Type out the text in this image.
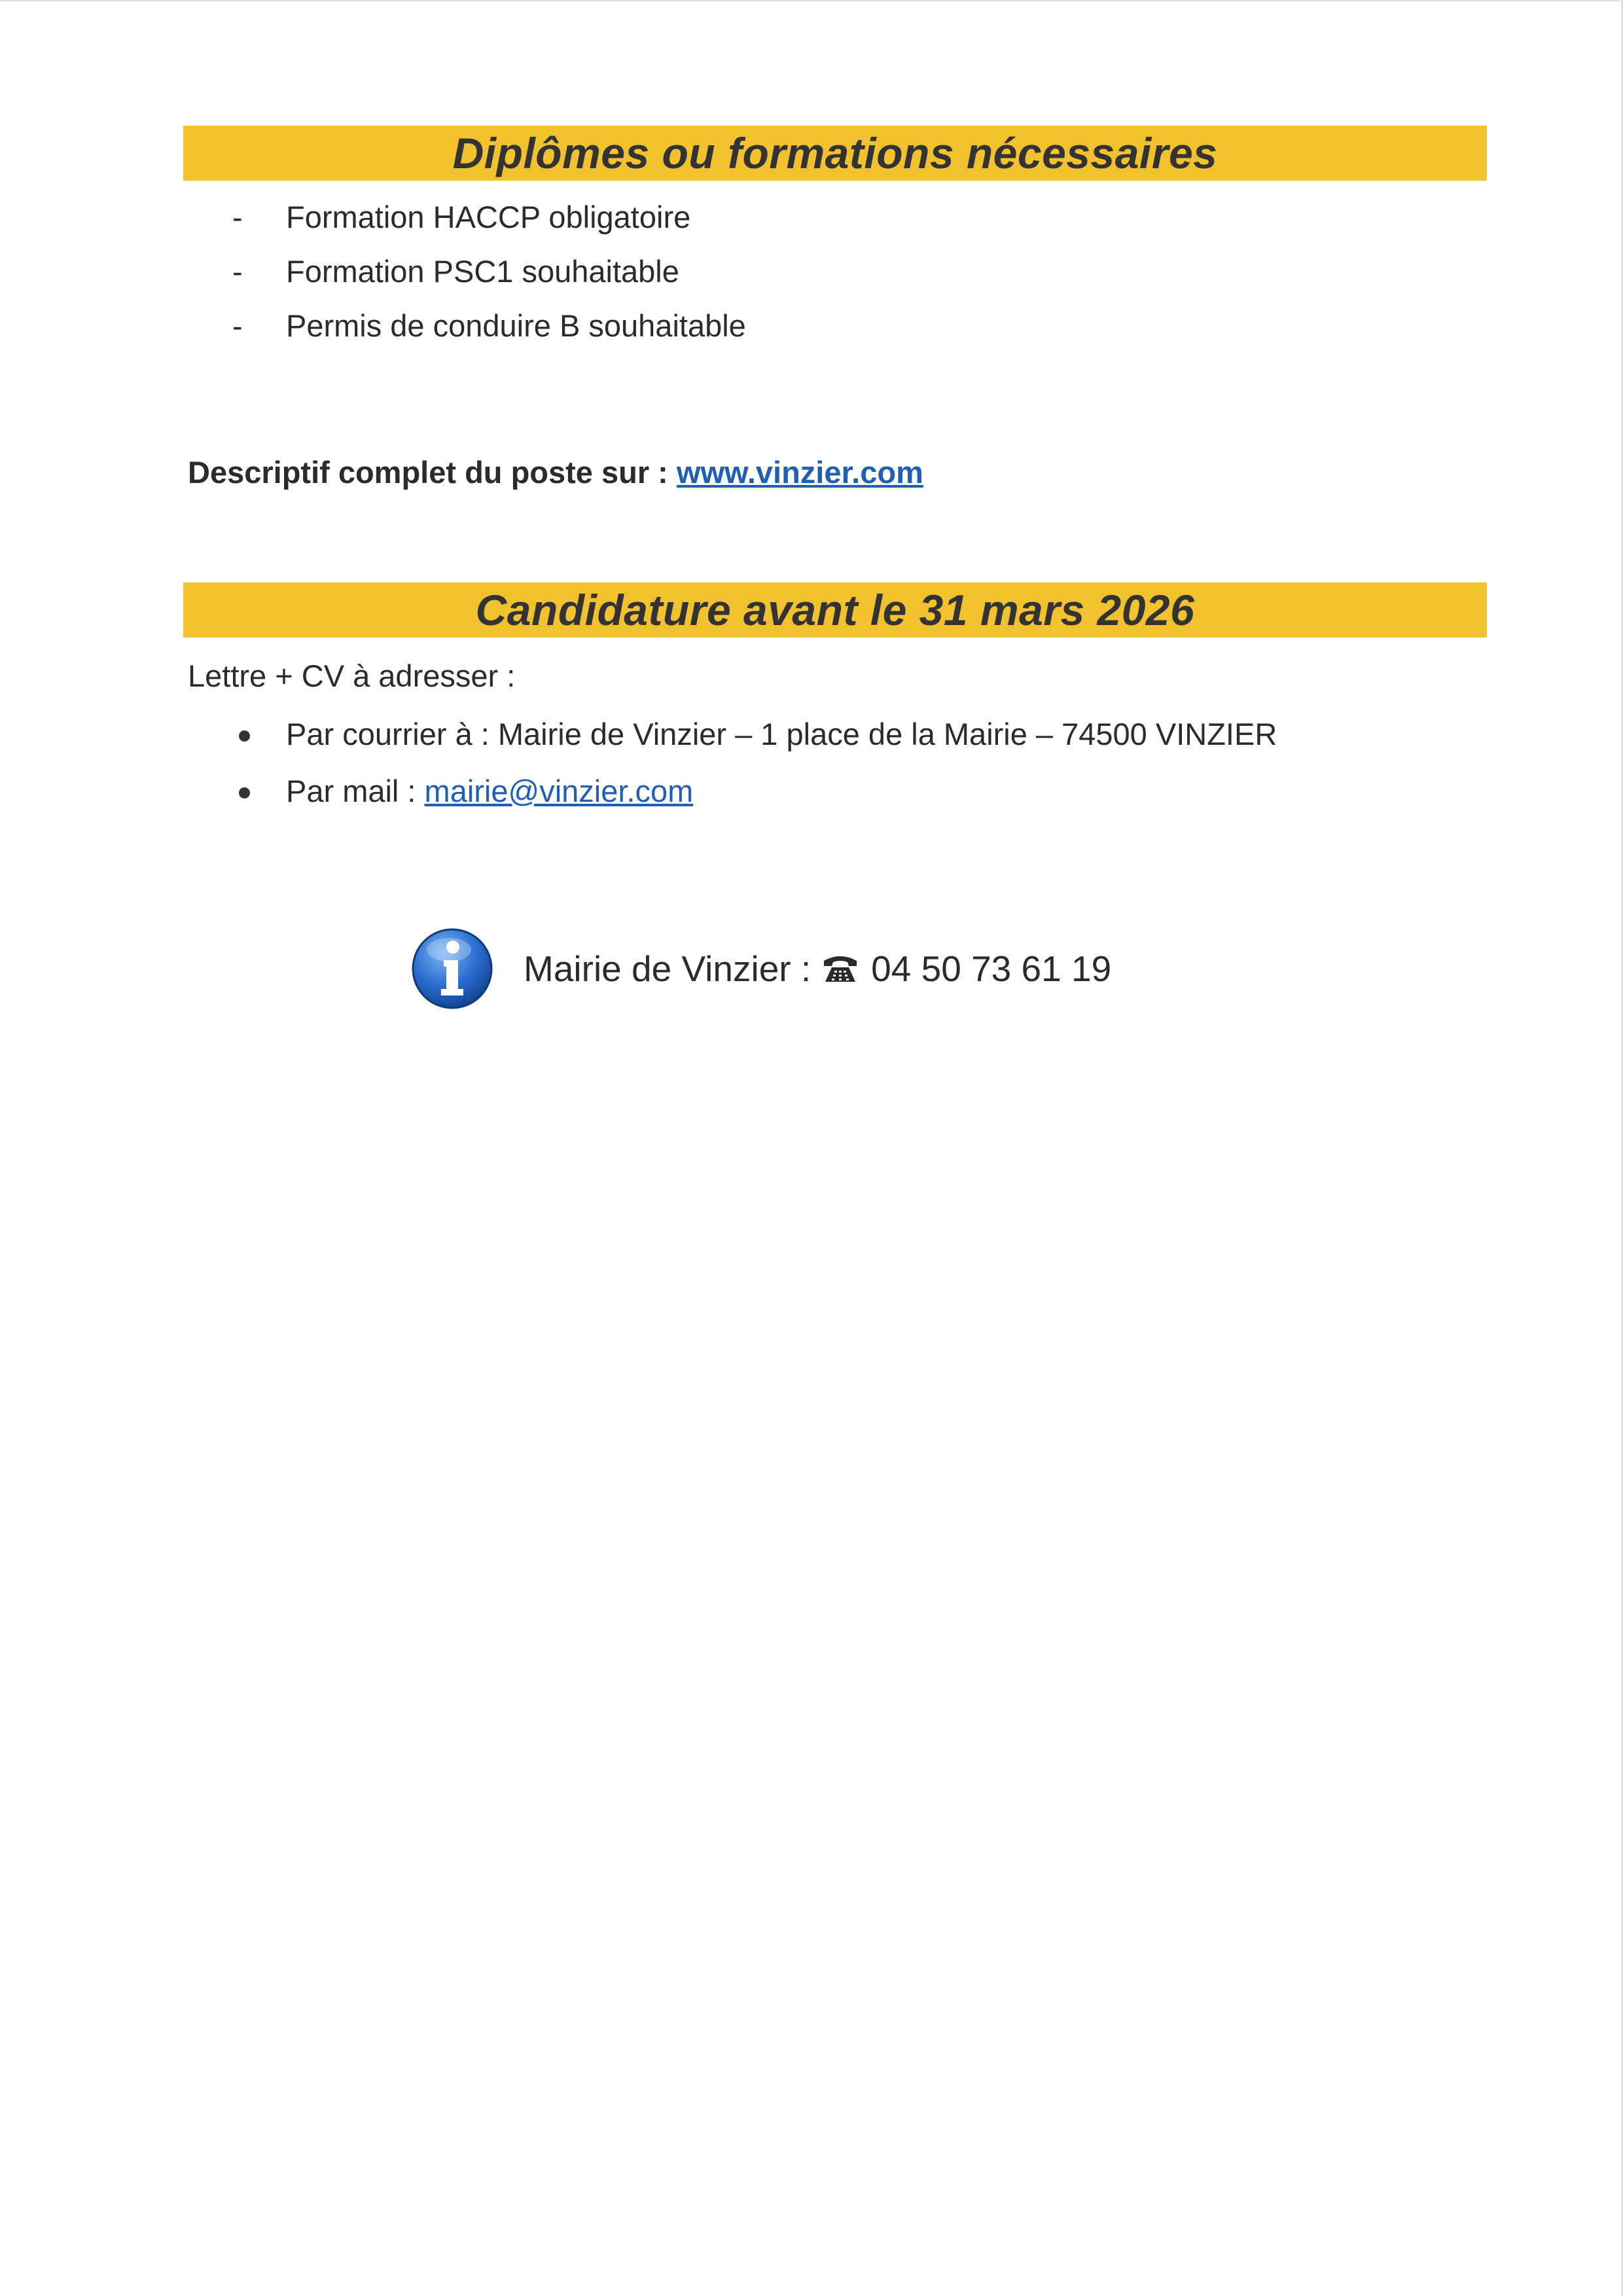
Diplômes ou formations nécessaires
-	Formation HACCP obligatoire
-	Formation PSC1 souhaitable
-	Permis de conduire B souhaitable
Descriptif complet du poste sur : www.vinzier.com
Candidature avant le 31 mars 2026
Lettre + CV à adresser :
Par courrier à : Mairie de Vinzier – 1 place de la Mairie – 74500 VINZIER
Par mail : mairie@vinzier.com
Mairie de Vinzier : 04 50 73 61 19
